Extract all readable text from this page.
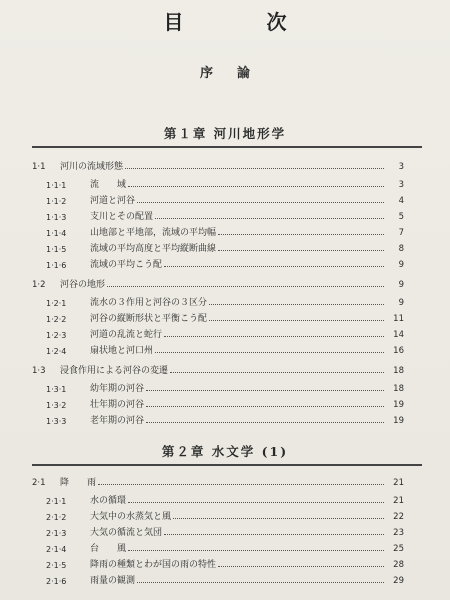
目 次
序論
第１章 河川地形学
1·1	河川の流域形態	3
1·1·1	流　　域	3
1·1·2	河道と河谷	4
1·1·3	支川とその配置	5
1·1·4	山地部と平地部，流域の平均幅	7
1·1·5	流域の平均高度と平均縦断曲線	8
1·1·6	流域の平均こう配	9
1·2	河谷の地形	9
1·2·1	流水の３作用と河谷の３区分	9
1·2·2	河谷の縦断形状と平衡こう配	11
1·2·3	河道の乱流と蛇行	14
1·2·4	扇状地と河口州	16
1·3	浸食作用による河谷の変遷	18
1·3·1	幼年期の河谷	18
1·3·2	壮年期の河谷	19
1·3·3	老年期の河谷	19
第２章 水文学 (1)
2·1	降　　雨	21
2·1·1	水の循環	21
2·1·2	大気中の水蒸気と風	22
2·1·3	大気の循流と気団	23
2·1·4	台　　風	25
2·1·5	降雨の種類とわが国の雨の特性	28
2·1·6	雨量の観測	29
